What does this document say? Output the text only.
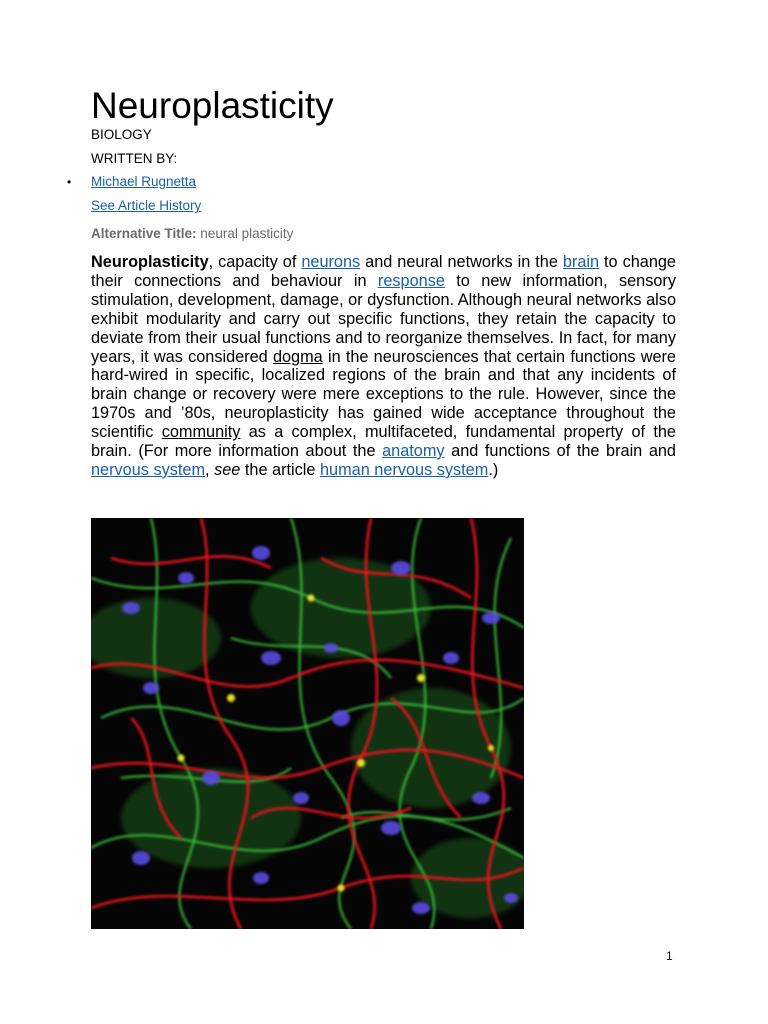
Neuroplasticity
BIOLOGY
WRITTEN BY:
• Michael Rugnetta
See Article History
Alternative Title: neural plasticity

Neuroplasticity, capacity of neurons and neural networks in the brain to change their connections and behaviour in response to new information, sensory stimulation, development, damage, or dysfunction. Although neural networks also exhibit modularity and carry out specific functions, they retain the capacity to deviate from their usual functions and to reorganize themselves. In fact, for many years, it was considered dogma in the neurosciences that certain functions were hard-wired in specific, localized regions of the brain and that any incidents of brain change or recovery were mere exceptions to the rule. However, since the 1970s and ’80s, neuroplasticity has gained wide acceptance throughout the scientific community as a complex, multifaceted, fundamental property of the brain. (For more information about the anatomy and functions of the brain and nervous system, see the article human nervous system.)

1
